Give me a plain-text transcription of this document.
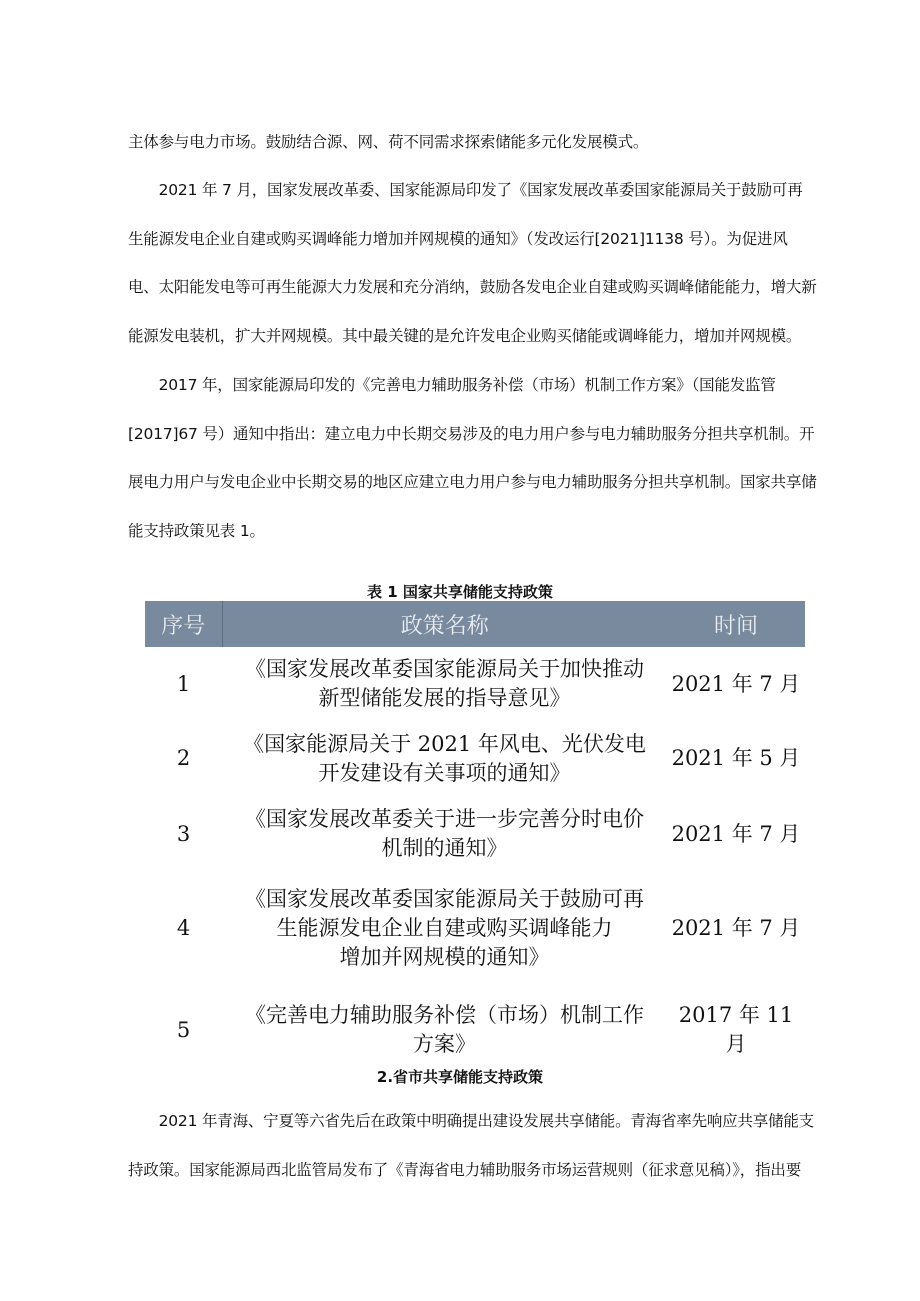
主体参与电力市场。鼓励结合源、网、荷不同需求探索储能多元化发展模式。
　　2021 年 7 月，国家发展改革委、国家能源局印发了《国家发展改革委国家能源局关于鼓励可再
生能源发电企业自建或购买调峰能力增加并网规模的通知》（发改运行[2021]1138 号）。为促进风
电、太阳能发电等可再生能源大力发展和充分消纳，鼓励各发电企业自建或购买调峰储能能力，增大新
能源发电装机，扩大并网规模。其中最关键的是允许发电企业购买储能或调峰能力，增加并网规模。
　　2017 年，国家能源局印发的《完善电力辅助服务补偿（市场）机制工作方案》（国能发监管
[2017]67 号）通知中指出：建立电力中长期交易涉及的电力用户参与电力辅助服务分担共享机制。开
展电力用户与发电企业中长期交易的地区应建立电力用户参与电力辅助服务分担共享机制。国家共享储
能支持政策见表 1。

表 1 国家共享储能支持政策

序号	政策名称	时间
1	《国家发展改革委国家能源局关于加快推动
新型储能发展的指导意见》	2021 年 7 月
2	《国家能源局关于 2021 年风电、光伏发电
开发建设有关事项的通知》	2021 年 5 月
3	《国家发展改革委关于进一步完善分时电价
机制的通知》	2021 年 7 月
4	《国家发展改革委国家能源局关于鼓励可再
生能源发电企业自建或购买调峰能力
增加并网规模的通知》	2021 年 7 月
5	《完善电力辅助服务补偿（市场）机制工作
方案》	2017 年 11 月

2.省市共享储能支持政策

　　2021 年青海、宁夏等六省先后在政策中明确提出建设发展共享储能。青海省率先响应共享储能支
持政策。国家能源局西北监管局发布了《青海省电力辅助服务市场运营规则（征求意见稿）》，指出要
